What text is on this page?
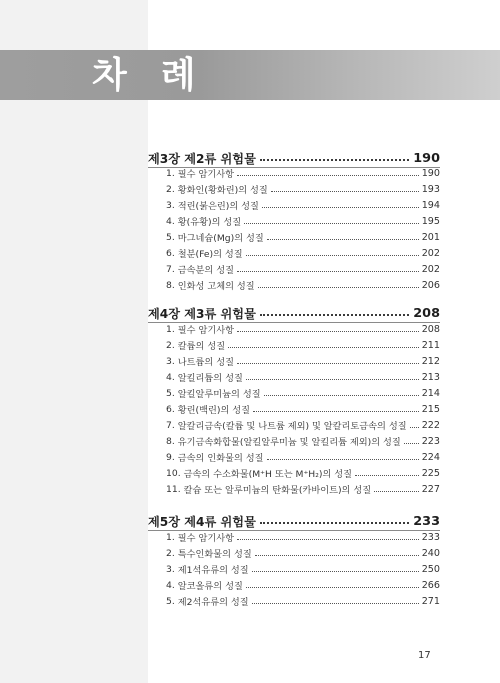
차례
제3장 제2류 위험물	190
1. 필수 암기사항	190
2. 황화인(황화린)의 성질	193
3. 적린(붉은린)의 성질	194
4. 황(유황)의 성질	195
5. 마그네슘(Mg)의 성질	201
6. 철분(Fe)의 성질	202
7. 금속분의 성질	202
8. 인화성 고체의 성질	206
제4장 제3류 위험물	208
1. 필수 암기사항	208
2. 칼륨의 성질	211
3. 나트륨의 성질	212
4. 알킬리튬의 성질	213
5. 알킬알루미늄의 성질	214
6. 황린(백린)의 성질	215
7. 알칼리금속(칼륨 및 나트륨 제외) 및 알칼리토금속의 성질 222
8. 유기금속화합물(알킬알루미늄 및 알킬리튬 제외)의 성질 223
9. 금속의 인화물의 성질	224
10. 금속의 수소화물(M⁺H 또는 M⁺H₂)의 성질	225
11. 칼슘 또는 알루미늄의 탄화물(카바이트)의 성질	227
제5장 제4류 위험물	233
1. 필수 암기사항	233
2. 특수인화물의 성질	240
3. 제1석유류의 성질	250
4. 알코올류의 성질	266
5. 제2석유류의 성질	271
17
